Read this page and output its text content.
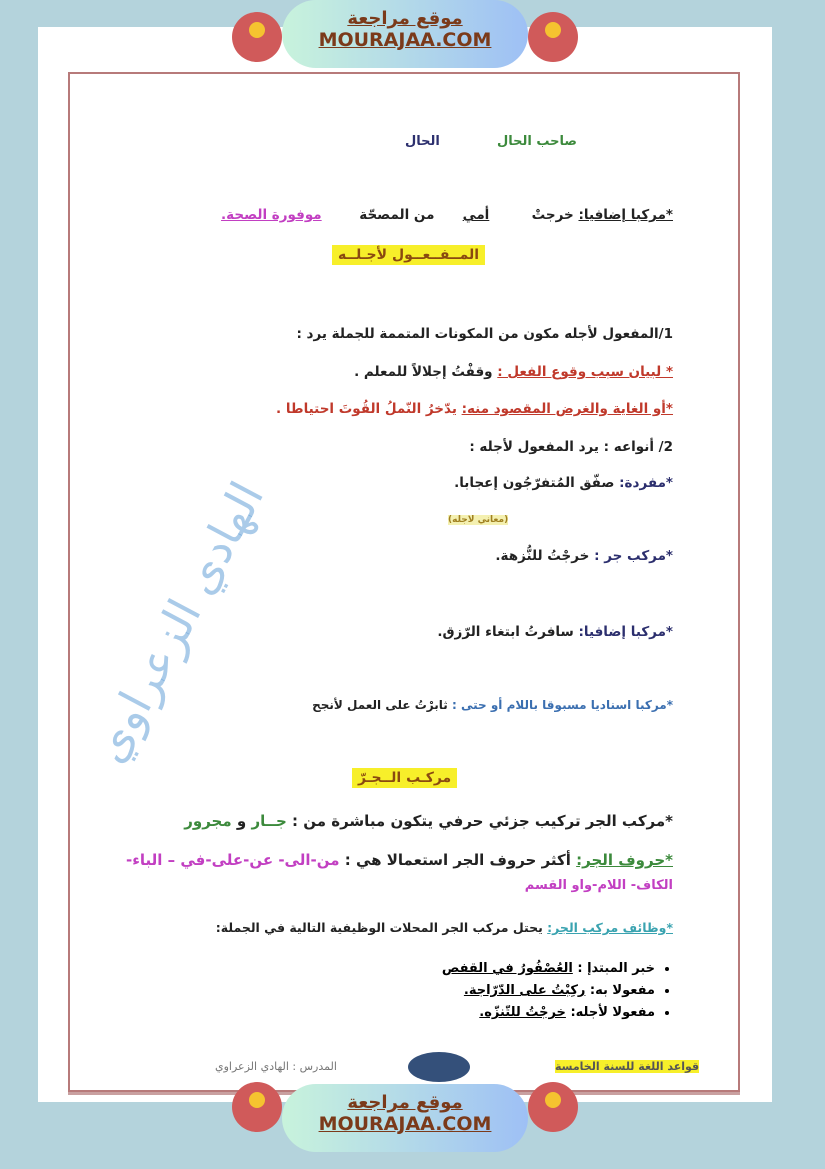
موقع مراجعة
MOURAJAA.COM
الهادي الزعراوي
صاحب الحال
الحال
*مركبا إضافيا: خرجتْ         أمي      من المصحّة        موفورة الصحة.
المــفــعــول لأجـلــه
1/المفعول لأجله مكون من المكونات المتممة للجملة يرد :
* لبيان سبب وقوع الفعل : وقفْتُ إجلالاً للمعلم .
*أو الغاية والغرض المقصود منه: يدّخرُ النّملُ القُوتَ احتياطا .
2/ أنواعه : يرد المفعول لأجله :
*مفردة: صفّق المُتفرّجُون إعجابا.
(معاني لاجله)
*مركب جر : خرجْتُ للنُّزهة.
*مركبا إضافيا: سافرتُ ابتغاء الرّزق.
*مركبا اسناديا مسبوقا باللام أو حتى : ثابرْتُ على العمل لأنجح
مركـب الــجـرّ
*مركب الجر تركيب جزئي حرفي يتكون مباشرة من : جــار و مجرور
*حروف الجر: أكثر حروف الجر استعمالا هي : من-الى- عن-على-في – الباء-
الكاف- اللام-واو القسم
*وظائف مركب الجر: يحتل مركب الجر المحلات الوظيفية التالية في الجملة:
• خبر المبتدإ : العُصْفُورُ في القفص
• مفعولا به: ركِبْتُ على الدّرّاجة.
• مفعولا لأجله: خرجْتُ للتّنزّه.
المدرس : الهادي الزعراوي	قواعد اللغة للسنة الخامسة
موقع مراجعة
MOURAJAA.COM
